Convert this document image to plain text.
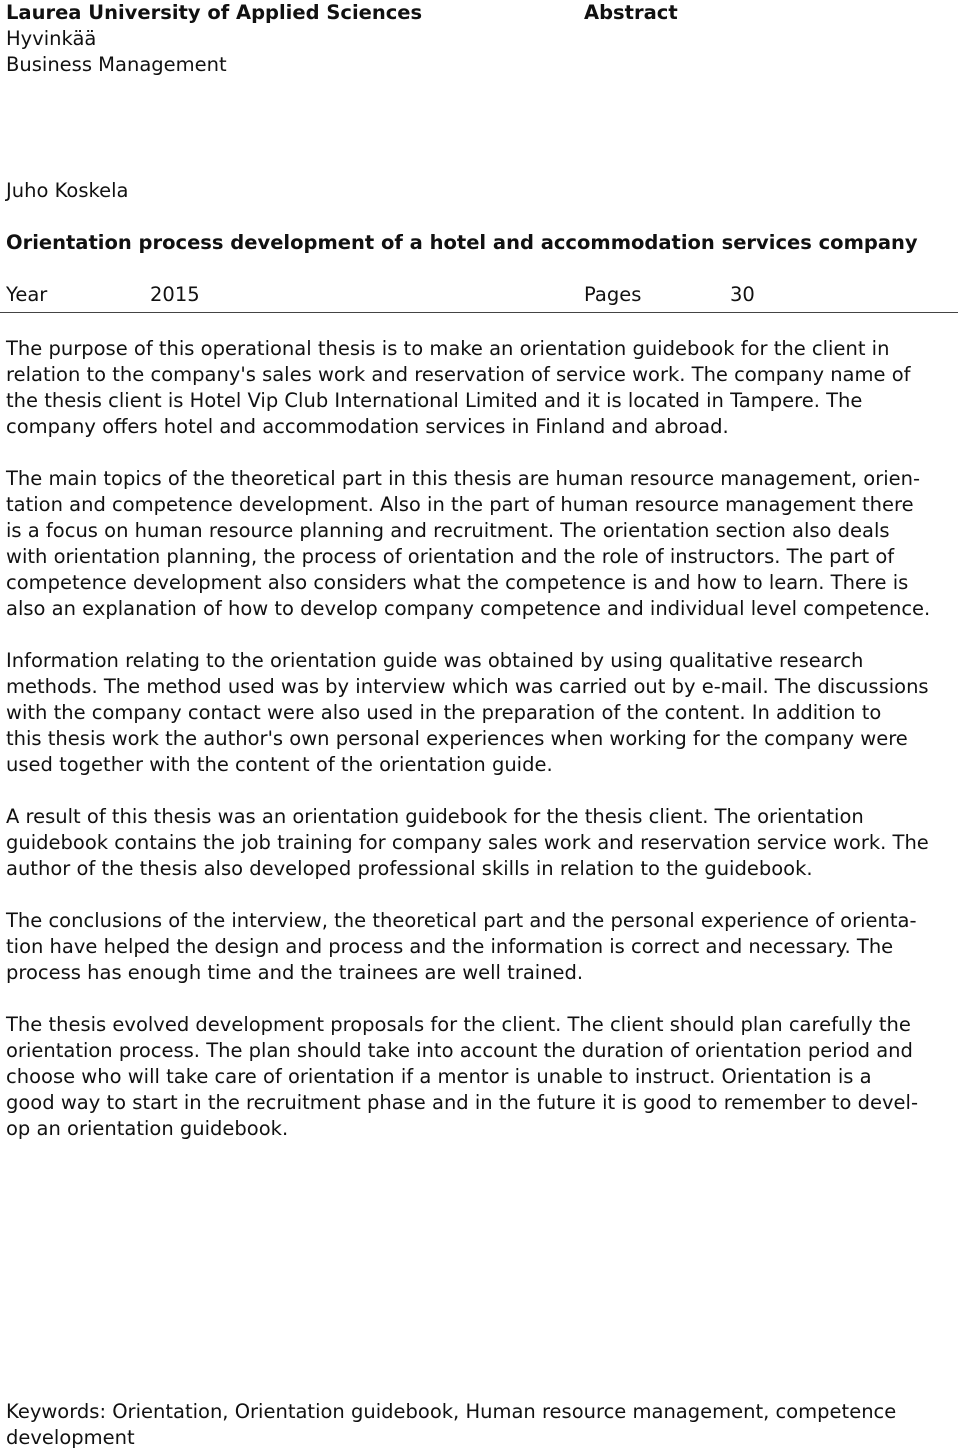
Laurea University of Applied Sciences
Hyvinkää
Business Management
Abstract
Juho Koskela
Orientation process development of a hotel and accommodation services company
Year	2015	Pages	30

The purpose of this operational thesis is to make an orientation guidebook for the client in
relation to the company's sales work and reservation of service work. The company name of
the thesis client is Hotel Vip Club International Limited and it is located in Tampere. The
company offers hotel and accommodation services in Finland and abroad.

The main topics of the theoretical part in this thesis are human resource management, orien-
tation and competence development. Also in the part of human resource management there
is a focus on human resource planning and recruitment. The orientation section also deals
with orientation planning, the process of orientation and the role of instructors. The part of
competence development also considers what the competence is and how to learn. There is
also an explanation of how to develop company competence and individual level competence.

Information relating to the orientation guide was obtained by using qualitative research
methods. The method used was by interview which was carried out by e-mail. The discussions
with the company contact were also used in the preparation of the content. In addition to
this thesis work the author's own personal experiences when working for the company were
used together with the content of the orientation guide.

A result of this thesis was an orientation guidebook for the thesis client. The orientation
guidebook contains the job training for company sales work and reservation service work. The
author of the thesis also developed professional skills in relation to the guidebook.

The conclusions of the interview, the theoretical part and the personal experience of orienta-
tion have helped the design and process and the information is correct and necessary. The
process has enough time and the trainees are well trained.

The thesis evolved development proposals for the client. The client should plan carefully the
orientation process. The plan should take into account the duration of orientation period and
choose who will take care of orientation if a mentor is unable to instruct. Orientation is a
good way to start in the recruitment phase and in the future it is good to remember to devel-
op an orientation guidebook.

Keywords: Orientation, Orientation guidebook, Human resource management, competence
development
